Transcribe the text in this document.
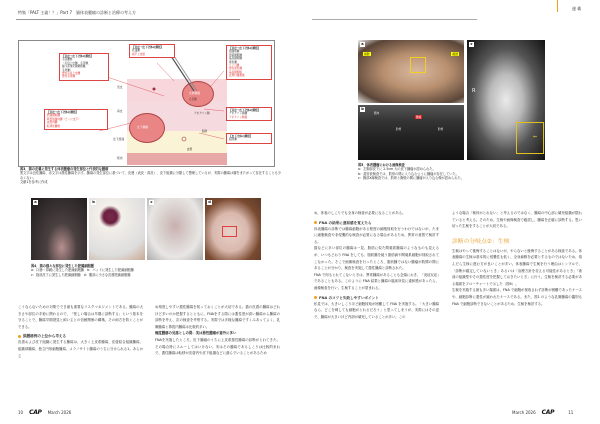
特集「PALT 主義！？」Part 7　猫体表腫瘤の診断と治療の考え方
表皮
真皮
皮下組織
筋肉
皮下腫瘤
皮膚腫瘤
アポクリン腺
脂肪
血管
立毛筋
【表皮～皮下全体の腫瘍】
毛包腫瘍
（毛包上皮腫、毛芽腫、
漏斗部角化棘細胞腫、
毛母腫）
悪性毛包上皮腫
悪性毛母腫
【表皮～皮下全体の腫瘍】
肥満細胞腫
軟部組織肉腫（とくに皮下）
血管肉腫
転移性腫瘍
【表皮～皮下全体の腫瘍】
乳頭腫
扁平上皮癌
【表皮～皮下全体の腫瘍】
組織球腫
形質細胞腫
基底細胞腫
黒色腫
リンパ腫
悪性黒色腫
基底細胞癌
皮膚付属器癌
【表皮～皮下全体の腫瘍】
アポクリン腺腫
アポクリン腺癌
【皮下全体の腫瘍】
脂肪腫
図3．猫の皮膚に発生する体表腫瘤の発生部位と代表的な腫瘍
黒文字は良性腫瘍、赤文字は悪性腫瘍を示す。腫瘍の発生部位に基づいて、皮膚（表皮・真皮）、皮下組織に分類して整理しているが、実際の腫瘍は層をまたがって存在することも少なくない。
文献1を参考に作成
a	b	c	d
図4．猫の様々な部位に発生した肥満細胞腫
a：口唇～鼻鏡に発生した肥満細胞腫　b：パッドに発生した肥満細胞腫
c：陰部皮下に発生した肥満細胞腫　d：腹部に小さな皮膚肥満細胞腫
こうならないための対策ででき最も重要なリスクマネジメントである。腫瘍の大きさや部位の手術に関わるので、「怪しい場合は早期に診断する」という基本を守ることで、腫瘍早期発見と飼い主との信頼関係の構築、その両方を防ぐことができる。
猫腫瘍例の上位から考える
皮膚および皮下組織に発生する腫瘍は、大きく上皮系腫瘍、皮膚結合組織腫瘍、組織球腫瘍、独立円形細胞腫瘍、メラノサイト腫瘍のうちに分けられる1。あらかじ
め頻度しやすい悪性腫瘍を知っておくことが大切である。猫の皮膚の腫瘍はどれほど多いのか把握するとともに、FNAをする際には悪性度が高い腫瘍から腫瘍の診断を考え、次の検査を考察する。実際では多様な腫瘍ですくみあってよく、乳腺腫瘍と鼻腔内腫瘍は比較的多い。
頻度腫瘍の見落としの罠：実は悪性腫瘍が意外に多い
FNAを実施したところ、皮下腫瘤のうちに上皮系悪性腫瘍の診断がとれてきた。その場合特にスルーしてはいけない。実はその腫瘍であるしこりは比較的まれで、悪性腫瘍は転移が皮膚内や皮下組織などに潜んでいることがあるため
10 CAP March 2026
連 載
a
前肢	後肢
b
筋肉
腫瘤
肋骨	肋骨
c
R
⇐
図5．体表腫瘤における画像検査
a：左胸部皮下に 2.5cm 大の皮下腫瘤が認められた。
b：超音波検査では、肋骨の間に入り込むように腫瘤が存在していた。
c：胸部X線検査では、肋骨と胸壁の間に腫瘤が入り込む像が認められた。
め、体表のしこりでも全身の検査が必要になることがある。
FNA の結果に違和感を覚えたら
体表腫瘍の診断では腫瘍細胞がある程度の細胞採取を行うわけではないが、たまに細胞検査や非侵襲的な検査が必要になる場合があるため、異常の意図で検討する。
猫などに多い部位の腫瘍は一見、脂肪に似た間葉系腫瘍のようなものも見えるが、いつもどおり FNA をしても、脂肪腫を疑う脂肪滴や間葉系細胞が採取されてこなかった。そこで画像検査を行ったところ、脂肪腫ではない腫瘤が肋間の間にあることが分かり、検査を実施して悪性腫瘍と診断された。
FNA で何もとれてこないときは、異常腫瘍があることも念頭におき、「炎症反応」であることもある。このように FNA 結果と腫瘍の臨床所見に違和感があったら、画像検査を行い、生検することが望まれる。
FNA のコツと失敗しやすいポイント
私見では、大きいしこりほど細胞採取が困難して FNA を実施する。「大きい腫瘍なら、どこを刺しても細胞がとれるだろう」と思ってしまうが、実際にはその逆で、腫瘍が大きいほど内部が壊死していることが多い。この
ような場合「検体がとれない」と考えるのではなく、腫瘍の中心部に壊死組織が隠れていると考える。そのため、生検や画像検査で確認し、腫瘍を正確に診断する。思い切った生検をすることが大切である。
診断の分岐点②：生検
生検はやって後悔することはないが、やらないと後悔することがある検査である。体表腫瘍の生検は基本的に侵襲性も低く、全身麻酔を必要とするものではないため、悩んだら生検に進む方が良いことが多い。体表腫瘍で生検を行う理由はシンプルで、「診断が確定していないとき」あるいは「治療方針を変える可能性があるとき」「術前の組織型やその悪性度を把握しておきたいとき」に行う。生検を検討する必要がある場面をフローチャートで示した（図6）。
生検を実施する最も多い場面は、FNA で細胞が採取されず診断が困難であったケースや、細胞診断に悪性が疑われたケースである。また、図1 のような乳腺腫瘍の鑑別も FNA で細胞診断できないことがあるため、生検を検討する。
March 2026 CAP	11
